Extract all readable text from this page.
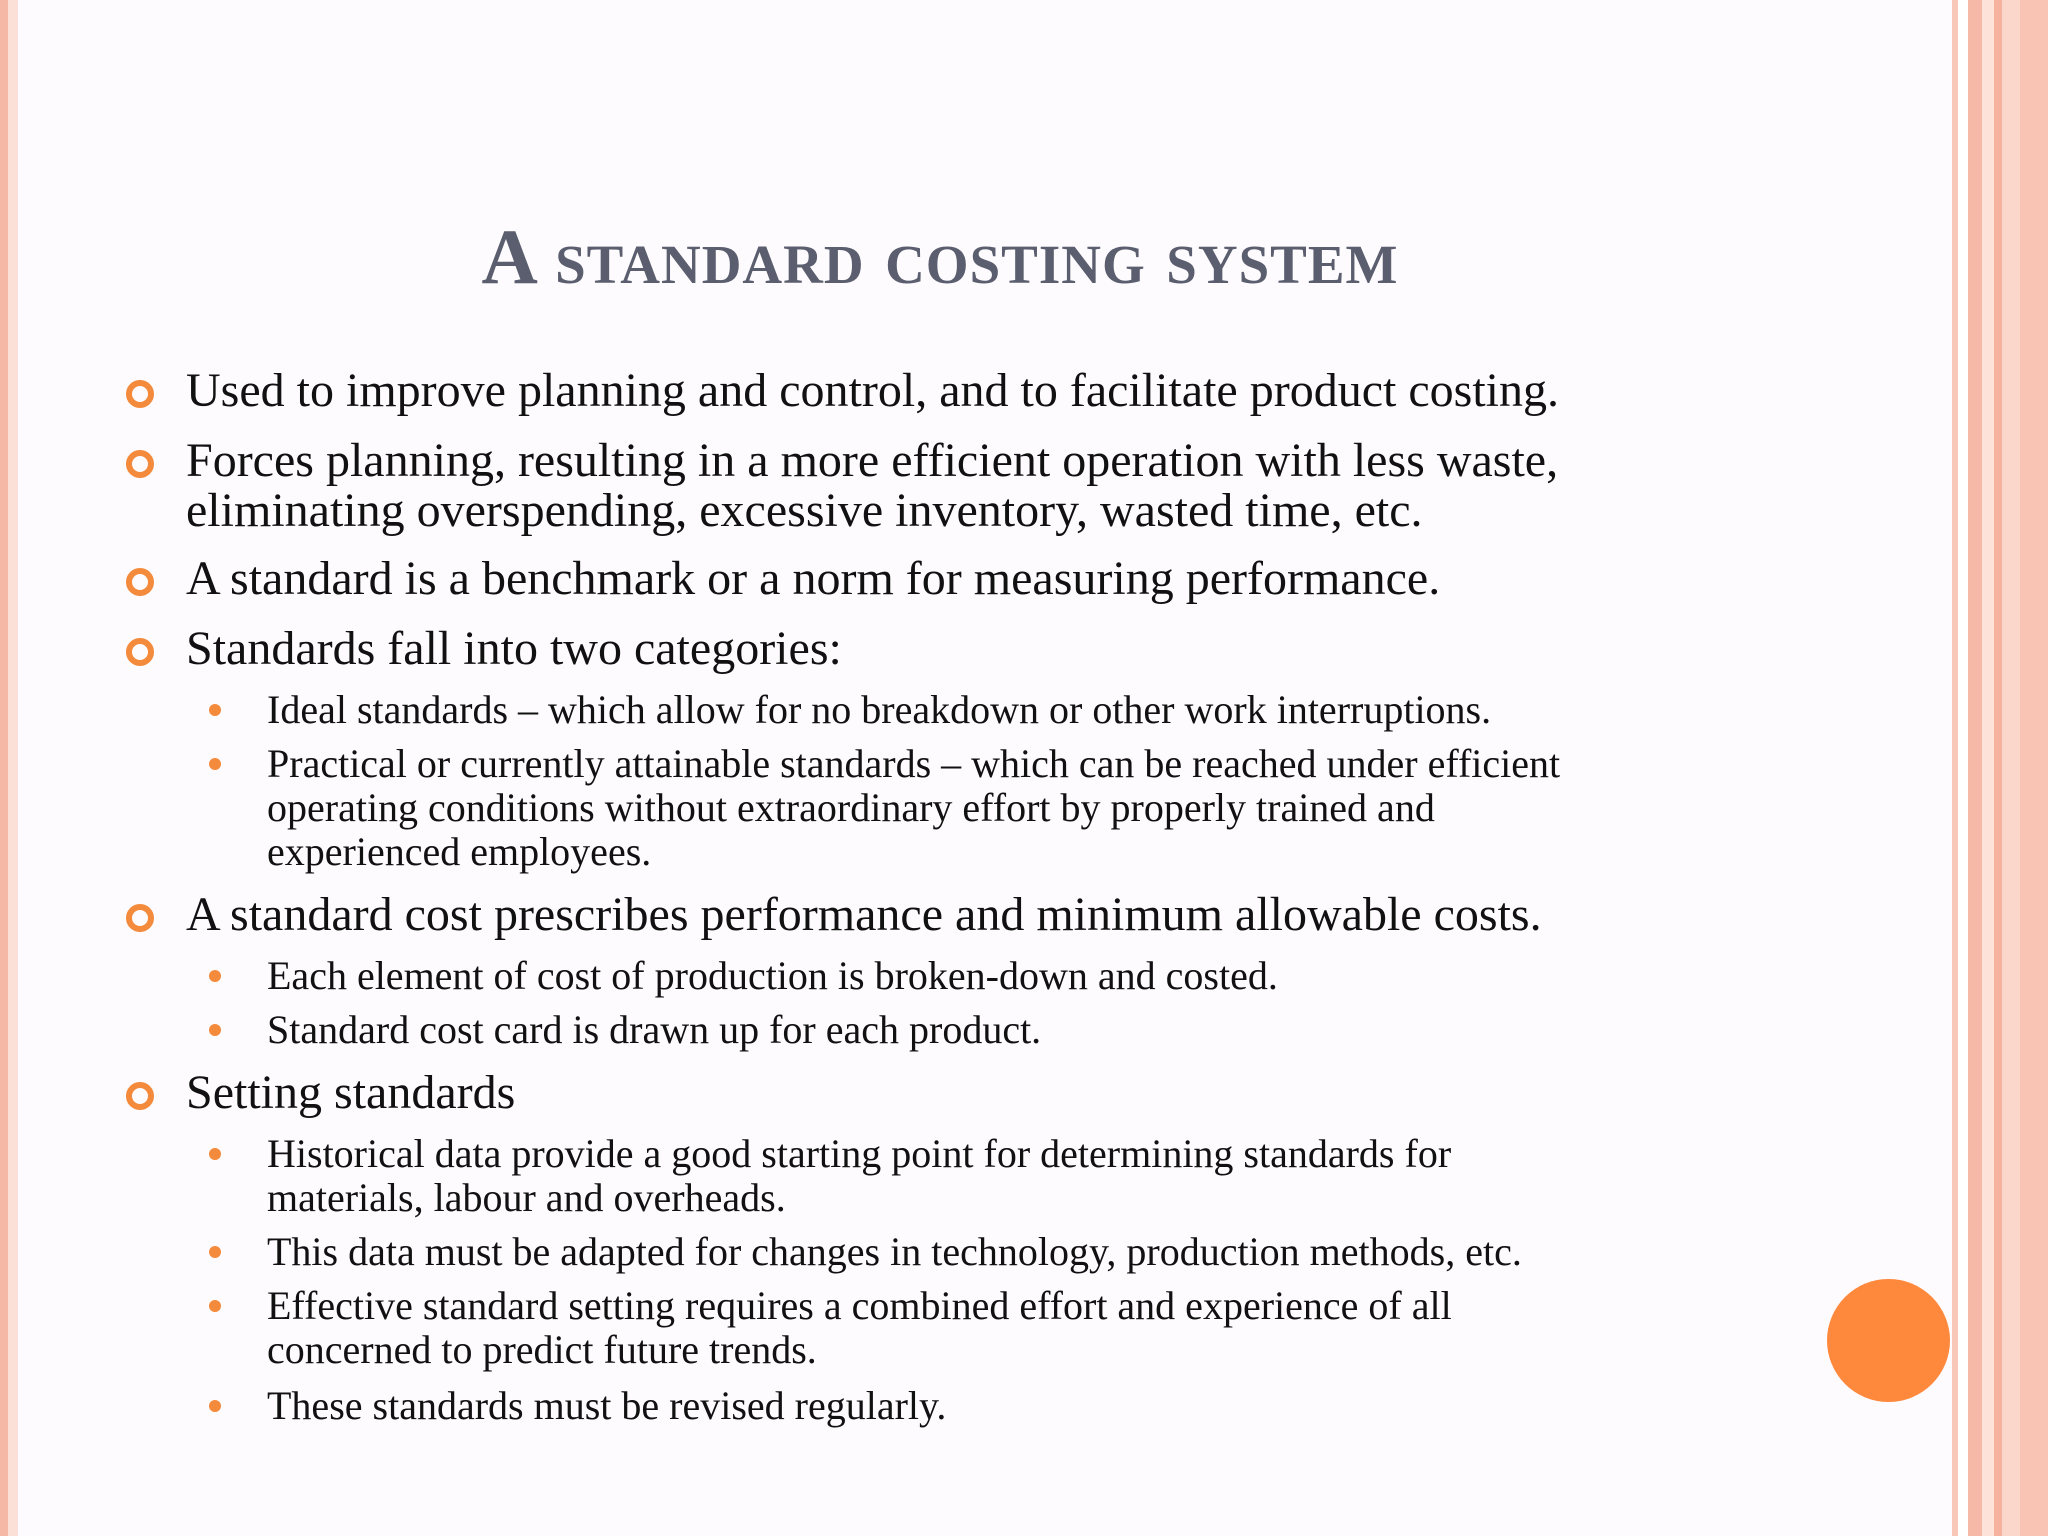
A standard costing system
Used to improve planning and control, and to facilitate product costing.
Forces planning, resulting in a more efficient operation with less waste,
eliminating overspending, excessive inventory, wasted time, etc.
A standard is a benchmark or a norm for measuring performance.
Standards fall into two categories:
Ideal standards – which allow for no breakdown or other work interruptions.
Practical or currently attainable standards – which can be reached under efficient
operating conditions without extraordinary effort by properly trained and
experienced employees.
A standard cost prescribes performance and minimum allowable costs.
Each element of cost of production is broken-down and costed.
Standard cost card is drawn up for each product.
Setting standards
Historical data provide a good starting point for determining standards for
materials, labour and overheads.
This data must be adapted for changes in technology, production methods, etc.
Effective standard setting requires a combined effort and experience of all
concerned to predict future trends.
These standards must be revised regularly.
